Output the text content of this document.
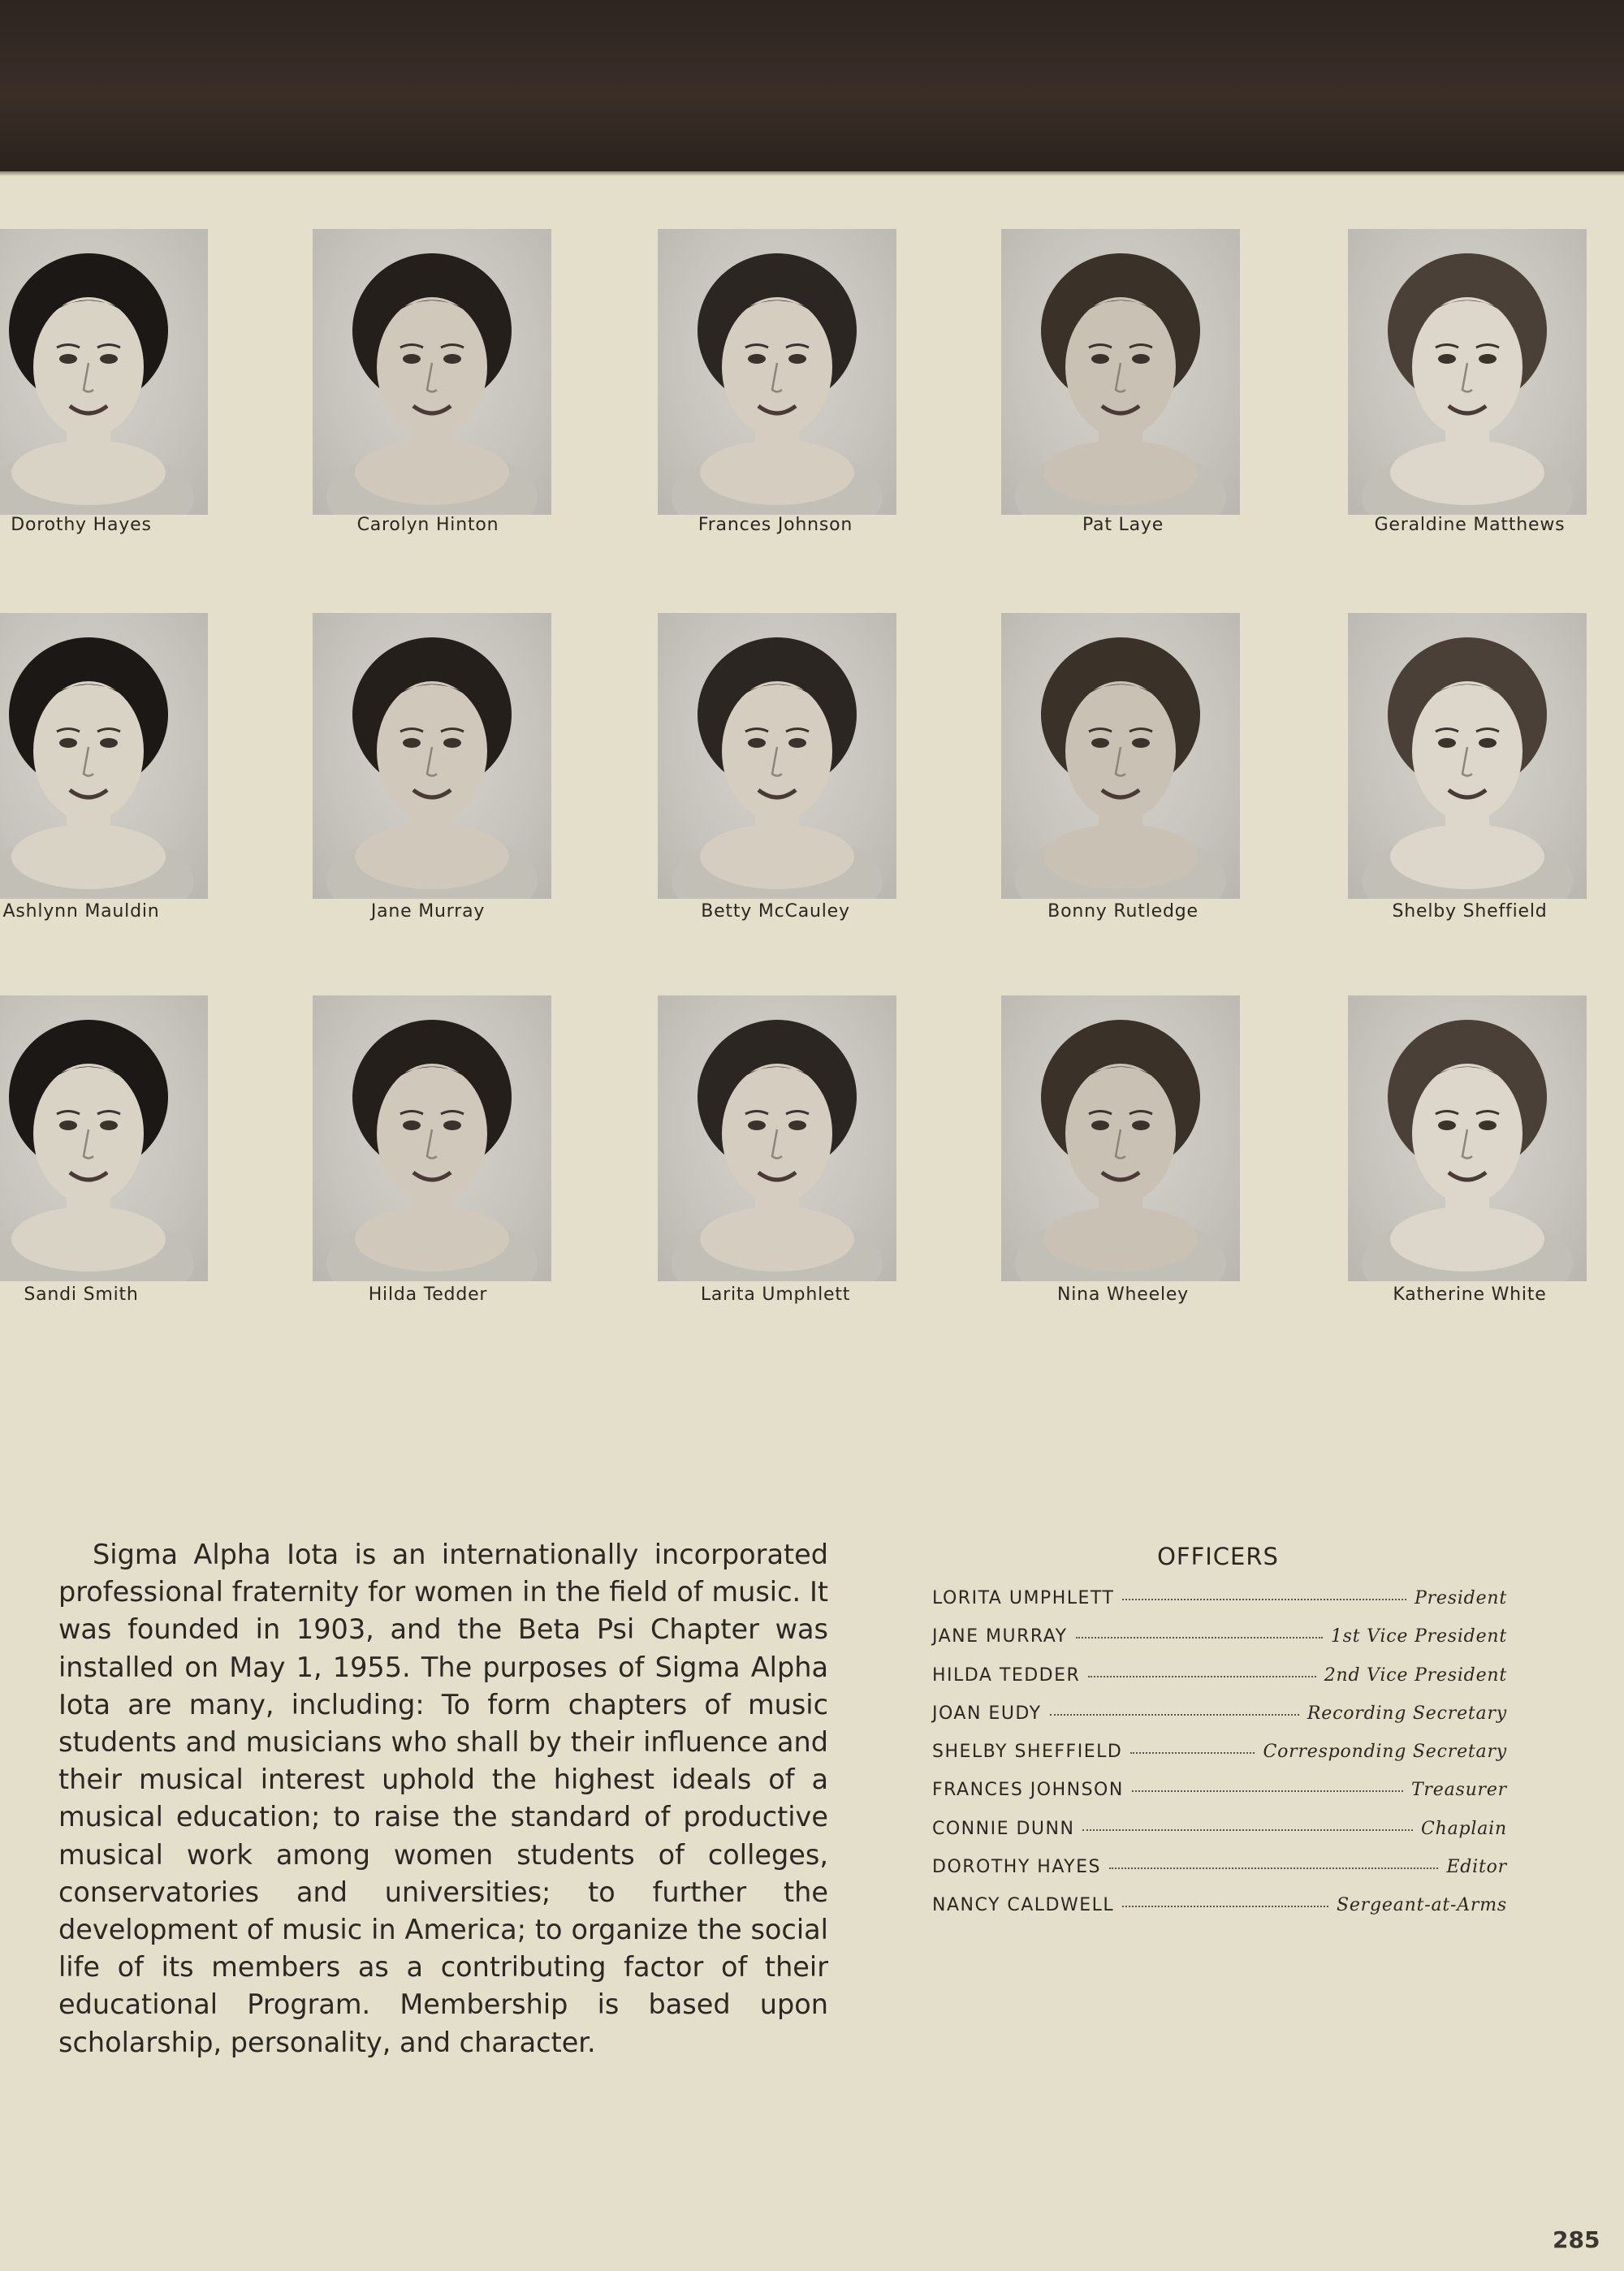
Dorothy Hayes	Carolyn Hinton	Frances Johnson	Pat Laye	Geraldine Matthews
Ashlynn Mauldin	Jane Murray	Betty McCauley	Bonny Rutledge	Shelby Sheffield
Sandi Smith	Hilda Tedder	Larita Umphlett	Nina Wheeley	Katherine White

Sigma Alpha Iota is an internationally incorporated professional fraternity for women in the field of music. It was founded in 1903, and the Beta Psi Chapter was installed on May 1, 1955. The purposes of Sigma Alpha Iota are many, including: To form chapters of music students and musicians who shall by their influence and their musical interest uphold the highest ideals of a musical education; to raise the standard of productive musical work among women students of colleges, conservatories and universities; to further the development of music in America; to organize the social life of its members as a contributing factor of their educational Program. Membership is based upon scholarship, personality, and character.

OFFICERS
LORITA UMPHLETT	President
JANE MURRAY	1st Vice President
HILDA TEDDER	2nd Vice President
JOAN EUDY	Recording Secretary
SHELBY SHEFFIELD	Corresponding Secretary
FRANCES JOHNSON	Treasurer
CONNIE DUNN	Chaplain
DOROTHY HAYES	Editor
NANCY CALDWELL	Sergeant-at-Arms
285
